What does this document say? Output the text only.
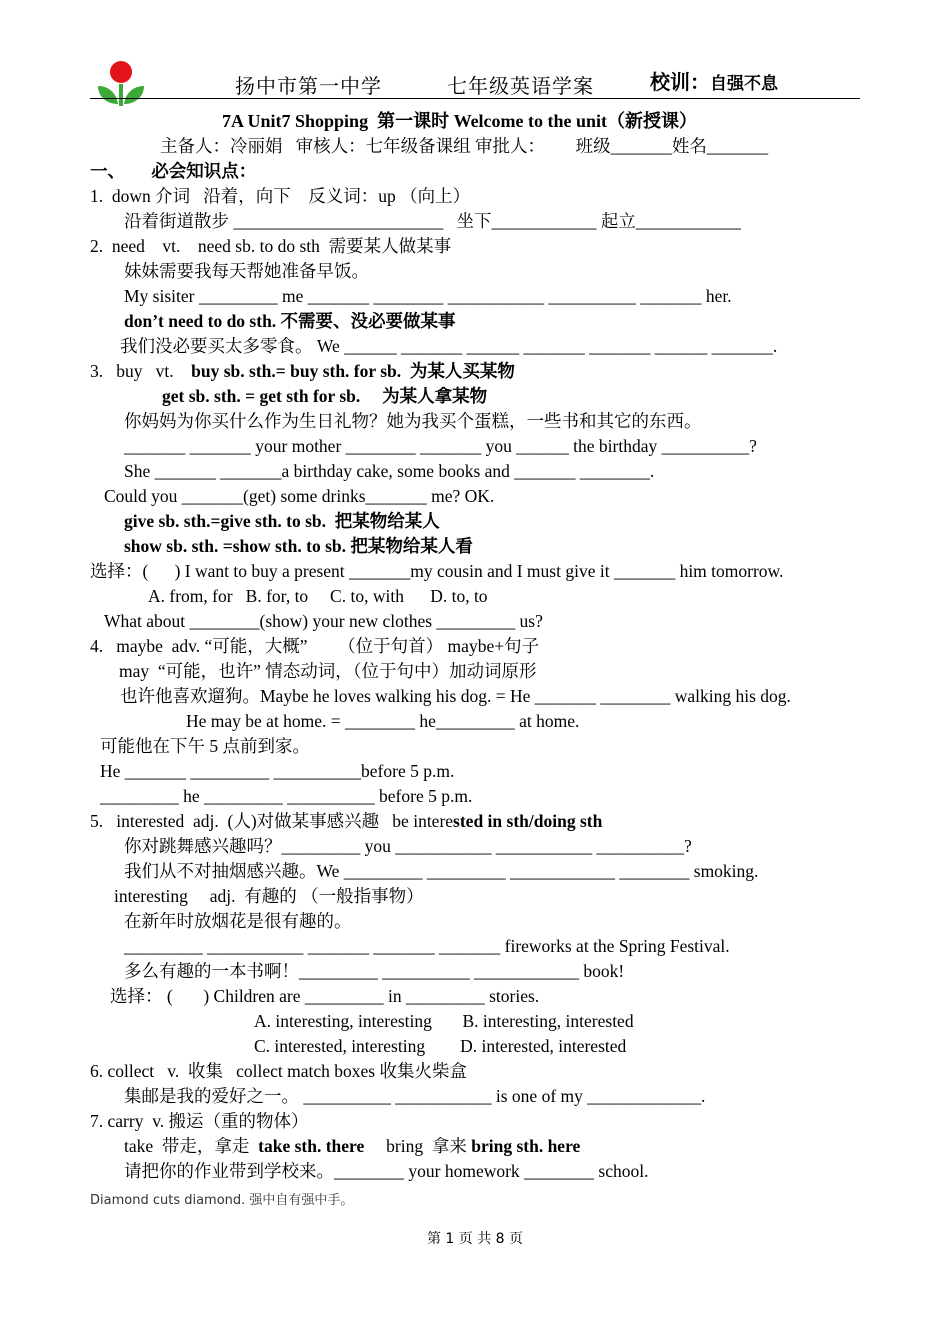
扬中市第一中学	七年级英语学案	校训：自强不息
7A Unit7 Shopping  第一课时 Welcome to the unit（新授课）
主备人：冷丽娟   审核人：七年级备课组 审批人：       班级_______姓名_______
一、      必会知识点：
1.  down 介词   沿着，向下    反义词：up （向上）
沿着街道散步 ________________________   坐下____________ 起立____________
2.  need    vt.    need sb. to do sth  需要某人做某事
妹妹需要我每天帮她准备早饭。
My sisiter _________ me _______ ________ ___________ __________ _______ her.
don’t need to do sth. 不需要、没必要做某事
我们没必要买太多零食。 We ______ _______ ______ _______ _______ ______ _______.
3.   buy   vt.    buy sb. sth.= buy sth. for sb.  为某人买某物
get sb. sth. = get sth for sb.     为某人拿某物
你妈妈为你买什么作为生日礼物？她为我买个蛋糕，一些书和其它的东西。
_______ _______ your mother ________ _______ you ______ the birthday __________?
She _______ _______a birthday cake, some books and _______ ________.
Could you _______(get) some drinks_______ me? OK.
give sb. sth.=give sth. to sb.  把某物给某人
show sb. sth. =show sth. to sb. 把某物给某人看
选择：(      ) I want to buy a present _______my cousin and I must give it _______ him tomorrow.
A. from, for   B. for, to     C. to, with      D. to, to
What about ________(show) your new clothes _________ us?
4.   maybe  adv. “可能，大概”       （位于句首） maybe+句子
may  “可能，也许” 情态动词，（位于句中）加动词原形
也许他喜欢遛狗。Maybe he loves walking his dog. = He _______ ________ walking his dog.
He may be at home. = ________ he_________ at home.
可能他在下午 5 点前到家。
He _______ _________ __________before 5 p.m.
_________ he _________ __________ before 5 p.m.
5.   interested  adj.  (人)对做某事感兴趣   be interested in sth/doing sth
你对跳舞感兴趣吗？_________ you ___________ ___________ __________?
我们从不对抽烟感兴趣。We _________ _________ ____________ ________ smoking.
interesting     adj.  有趣的 （一般指事物）
在新年时放烟花是很有趣的。
_________ ___________ _______ _______ _______ fireworks at the Spring Festival.
多么有趣的一本书啊！_________ __________ ____________ book!
选择： (       ) Children are _________ in _________ stories.
A. interesting, interesting       B. interesting, interested
C. interested, interesting        D. interested, interested
6. collect   v.  收集   collect match boxes 收集火柴盒
集邮是我的爱好之一。 __________ ___________ is one of my _____________.
7. carry  v. 搬运（重的物体）
take  带走，拿走  take sth. there     bring  拿来 bring sth. here
请把你的作业带到学校来。________ your homework ________ school.
Diamond cuts diamond. 强中自有强中手。
第 1 页 共 8 页
